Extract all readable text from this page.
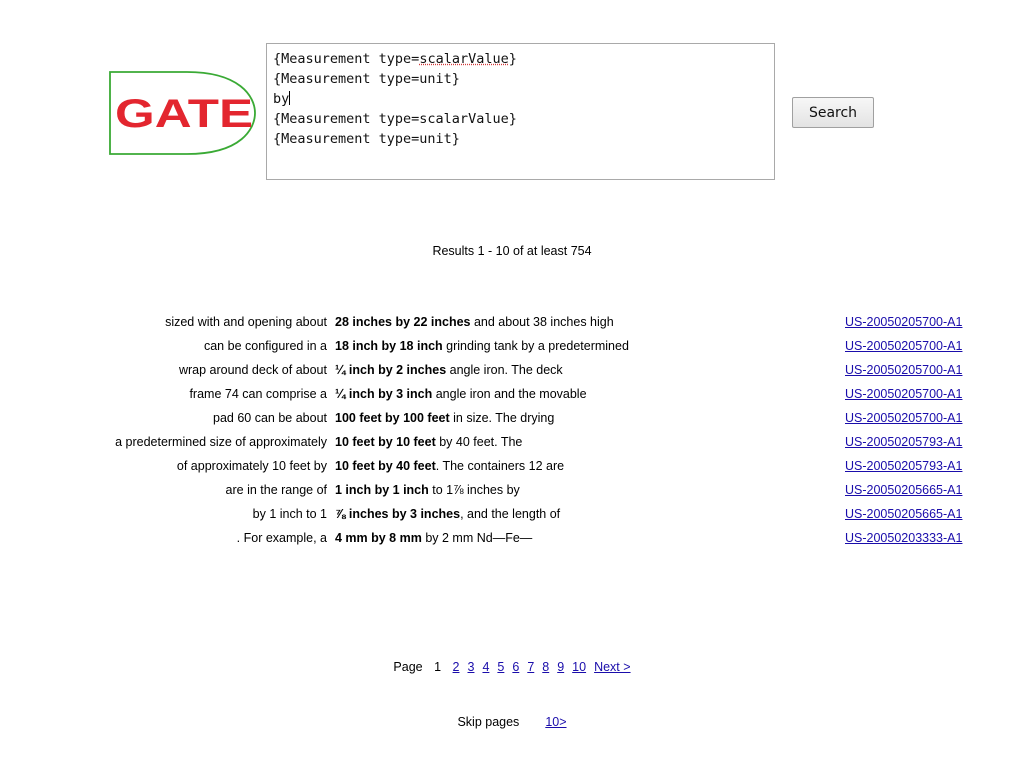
GATE
{Measurement type=scalarValue}
{Measurement type=unit}
by
{Measurement type=scalarValue}
{Measurement type=unit}
Search
Results 1 - 10 of at least 754
sized with and opening about 28 inches by 22 inches and about 38 inches high	US-20050205700-A1
can be configured in a 18 inch by 18 inch grinding tank by a predetermined	US-20050205700-A1
wrap around deck of about ¼ inch by 2 inches angle iron. The deck	US-20050205700-A1
frame 74 can comprise a ¼ inch by 3 inch angle iron and the movable	US-20050205700-A1
pad 60 can be about 100 feet by 100 feet in size. The drying	US-20050205700-A1
a predetermined size of approximately 10 feet by 10 feet by 40 feet. The	US-20050205793-A1
of approximately 10 feet by 10 feet by 40 feet. The containers 12 are	US-20050205793-A1
are in the range of 1 inch by 1 inch to 1⅞ inches by	US-20050205665-A1
by 1 inch to 1 ⅞ inches by 3 inches, and the length of	US-20050205665-A1
. For example, a 4 mm by 8 mm by 2 mm Nd—Fe—	US-20050203333-A1
Page 1 2 3 4 5 6 7 8 9 10 Next >
Skip pages 10>
